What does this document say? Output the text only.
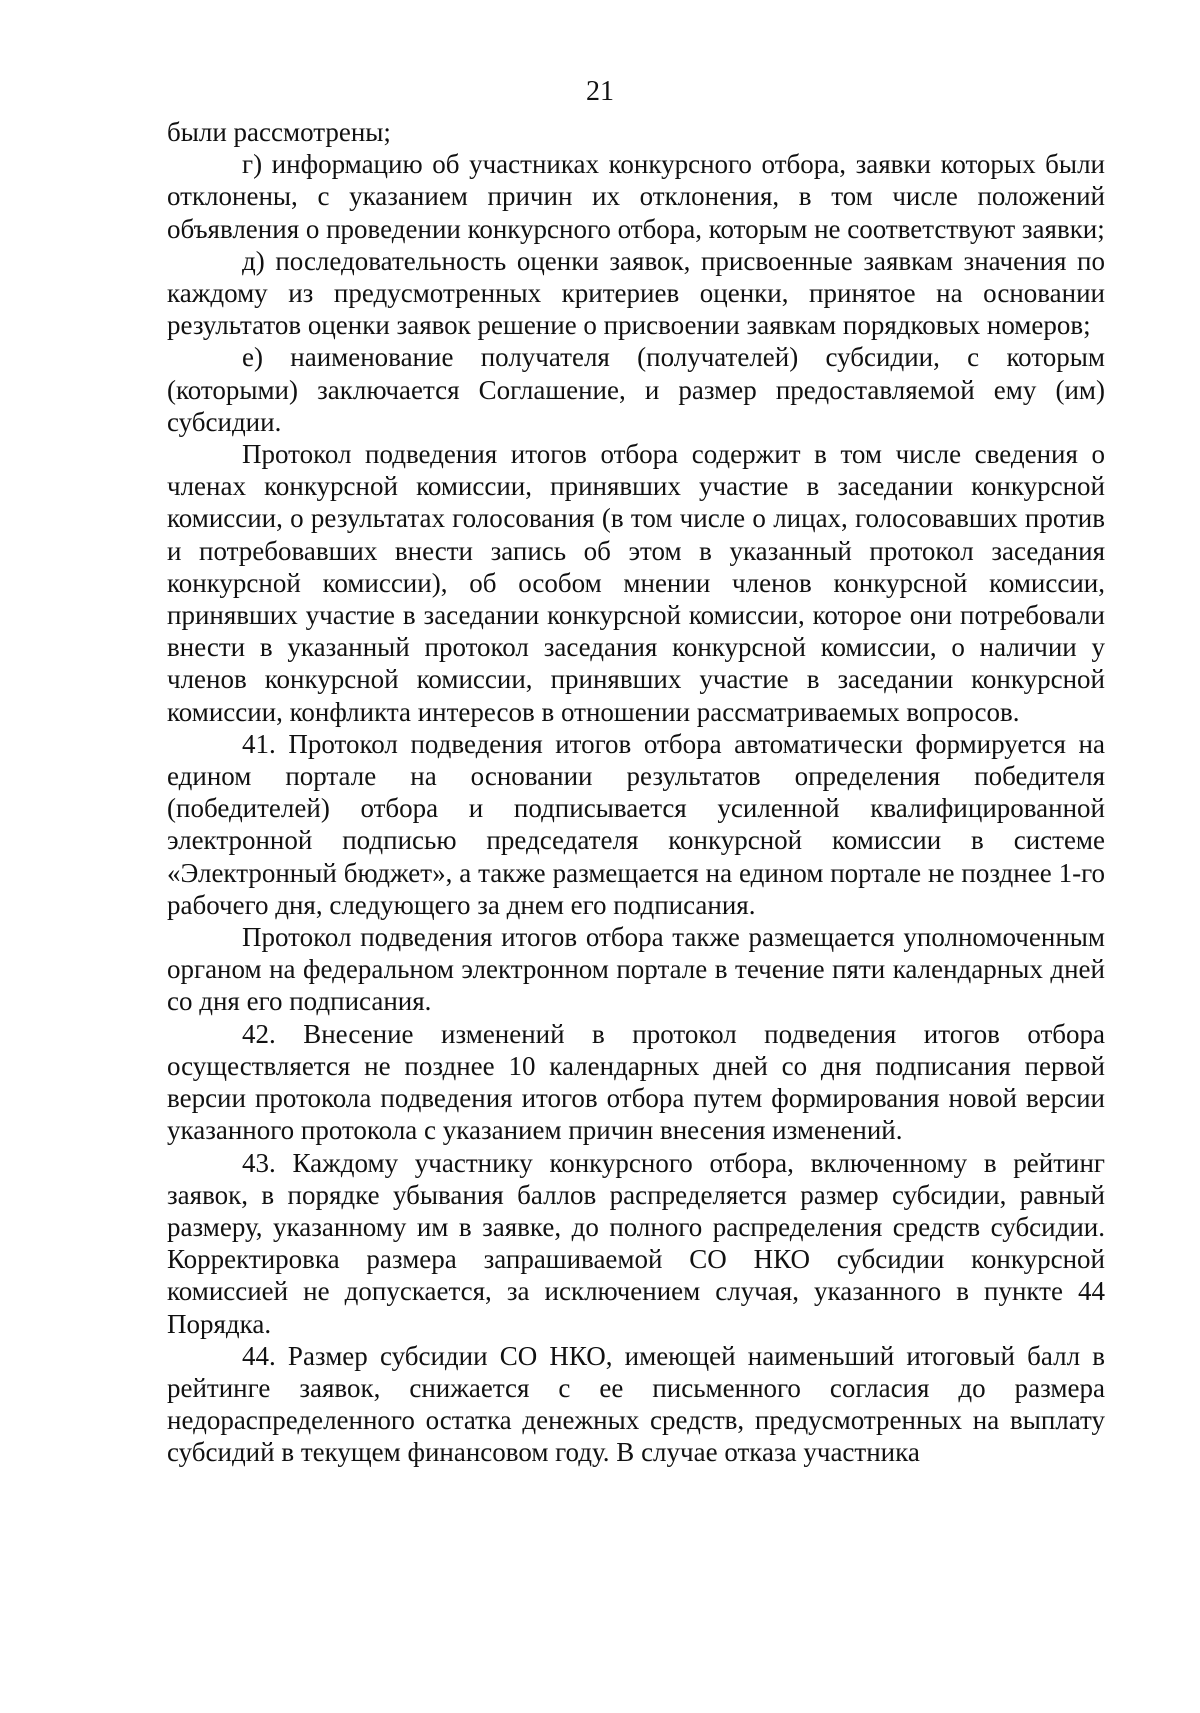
21

были рассмотрены;

г) информацию об участниках конкурсного отбора, заявки которых были отклонены, с указанием причин их отклонения, в том числе положений объявления о проведении конкурсного отбора, которым не соответствуют заявки;

д) последовательность оценки заявок, присвоенные заявкам значения по каждому из предусмотренных критериев оценки, принятое на основании результатов оценки заявок решение о присвоении заявкам порядковых номеров;

е) наименование получателя (получателей) субсидии, с которым (которыми) заключается Соглашение, и размер предоставляемой ему (им) субсидии.

Протокол подведения итогов отбора содержит в том числе сведения о членах конкурсной комиссии, принявших участие в заседании конкурсной комиссии, о результатах голосования (в том числе о лицах, голосовавших против и потребовавших внести запись об этом в указанный протокол заседания конкурсной комиссии), об особом мнении членов конкурсной комиссии, принявших участие в заседании конкурсной комиссии, которое они потребовали внести в указанный протокол заседания конкурсной комиссии, о наличии у членов конкурсной комиссии, принявших участие в заседании конкурсной комиссии, конфликта интересов в отношении рассматриваемых вопросов.

41. Протокол подведения итогов отбора автоматически формируется на едином портале на основании результатов определения победителя (победителей) отбора и подписывается усиленной квалифицированной электронной подписью председателя конкурсной комиссии в системе «Электронный бюджет», а также размещается на едином портале не позднее 1-го рабочего дня, следующего за днем его подписания.

Протокол подведения итогов отбора также размещается уполномоченным органом на федеральном электронном портале в течение пяти календарных дней со дня его подписания.

42. Внесение изменений в протокол подведения итогов отбора осуществляется не позднее 10 календарных дней со дня подписания первой версии протокола подведения итогов отбора путем формирования новой версии указанного протокола с указанием причин внесения изменений.

43. Каждому участнику конкурсного отбора, включенному в рейтинг заявок, в порядке убывания баллов распределяется размер субсидии, равный размеру, указанному им в заявке, до полного распределения средств субсидии. Корректировка размера запрашиваемой СО НКО субсидии конкурсной комиссией не допускается, за исключением случая, указанного в пункте 44 Порядка.

44. Размер субсидии СО НКО, имеющей наименьший итоговый балл в рейтинге заявок, снижается с ее письменного согласия до размера недораспределенного остатка денежных средств, предусмотренных на выплату субсидий в текущем финансовом году. В случае отказа участника
